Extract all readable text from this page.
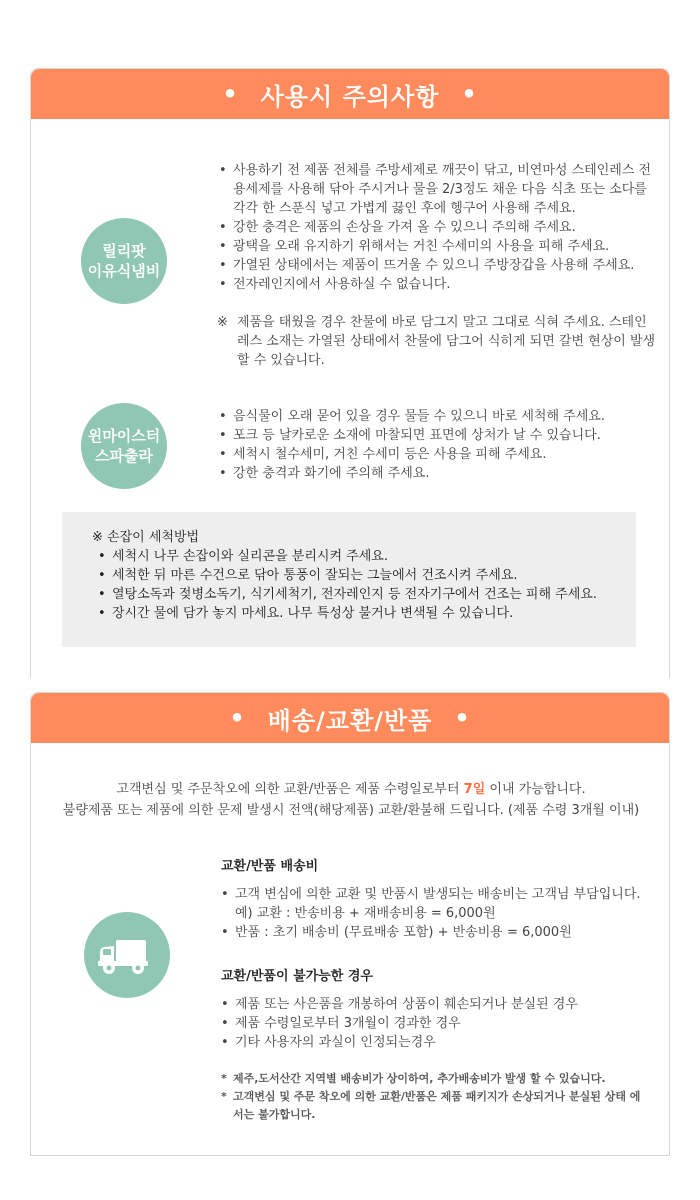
• 사용시 주의사항 •
릴리팟
이유식냄비
• 사용하기 전 제품 전체를 주방세제로 깨끗이 닦고, 비연마성 스테인레스 전용세제를 사용해 닦아 주시거나 물을 2/3정도 채운 다음 식초 또는 소다를 각각 한 스푼식 넣고 가볍게 끓인 후에 헹구어 사용해 주세요.
• 강한 충격은 제품의 손상을 가져 올 수 있으니 주의해 주세요.
• 광택을 오래 유지하기 위해서는 거친 수세미의 사용을 피해 주세요.
• 가열된 상태에서는 제품이 뜨거울 수 있으니 주방장갑을 사용해 주세요.
• 전자레인지에서 사용하실 수 없습니다.
※ 제품을 태웠을 경우 찬물에 바로 담그지 말고 그대로 식혀 주세요. 스테인레스 소재는 가열된 상태에서 찬물에 담그어 식히게 되면 갈변 현상이 발생할 수 있습니다.
윈마이스터
스파출라
• 음식물이 오래 묻어 있을 경우 물들 수 있으니 바로 세척해 주세요.
• 포크 등 날카로운 소재에 마찰되면 표면에 상처가 날 수 있습니다.
• 세척시 철수세미, 거친 수세미 등은 사용을 피해 주세요.
• 강한 충격과 화기에 주의해 주세요.
※ 손잡이 세척방법
• 세척시 나무 손잡이와 실리콘을 분리시켜 주세요.
• 세척한 뒤 마른 수건으로 닦아 통풍이 잘되는 그늘에서 건조시켜 주세요.
• 열탕소독과 젖병소독기, 식기세척기, 전자레인지 등 전자기구에서 건조는 피해 주세요.
• 장시간 물에 담가 놓지 마세요. 나무 특성상 불거나 변색될 수 있습니다.
• 배송/교환/반품 •
고객변심 및 주문착오에 의한 교환/반품은 제품 수령일로부터 7일 이내 가능합니다.
불량제품 또는 제품에 의한 문제 발생시 전액(해당제품) 교환/환불해 드립니다. (제품 수령 3개월 이내)
교환/반품 배송비
• 고객 변심에 의한 교환 및 반품시 발생되는 배송비는 고객님 부담입니다. 예) 교환 : 반송비용 + 재배송비용 = 6,000원
• 반품 : 초기 배송비 (무료배송 포함) + 반송비용 = 6,000원
교환/반품이 불가능한 경우
• 제품 또는 사은품을 개봉하여 상품이 훼손되거나 분실된 경우
• 제품 수령일로부터 3개월이 경과한 경우
• 기타 사용자의 과실이 인정되는경우
* 제주,도서산간 지역별 배송비가 상이하여, 추가배송비가 발생 할 수 있습니다.
* 고객변심 및 주문 착오에 의한 교환/반품은 제품 패키지가 손상되거나 분실된 상태 에서는 불가합니다.
